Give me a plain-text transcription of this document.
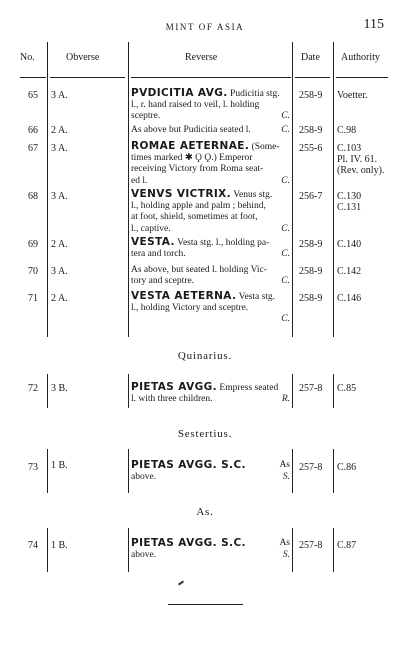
MINT OF ASIA	115
No.	Obverse	Reverse	Date Authority
65 3 A.	PVDICITIA AVG. Pudicitia stg.
l., r. hand raised to veil, l. holding
sceptre.	C.
258-9 Voetter.
66 2 A.	As above but Pudicitia seated l.	C. 258-9 C.98
67 3 A.	ROMAE AETERNAE. (Some-
times marked ✱ Ϙ Ϙ.) Emperor
receiving Victory from Roma seat-
ed l.	C.
255-6 C.103
Pl. IV. 61.
(Rev. only).
68 3 A.	VENVS VICTRIX. Venus stg.
l., holding apple and palm ; behind,
at foot, shield, sometimes at foot,
l., captive.	C.
256-7 C.130
C.131
69 2 A.	VESTA. Vesta stg. l., holding pa-
tera and torch.	C.
258-9 C.140
70 3 A.	As above, but seated l. holding Vic-
tory and sceptre.	C.
258-9 C.142
71 2 A.	VESTA AETERNA. Vesta stg.
l., holding Victory and sceptre.
C.

258-9 C.146
Quinarius.
72 3 B.	PIETAS AVGG. Empress seated
l. with three children.	R.
257-8 C.85
Sestertius.
73 1 B.	PIETAS AVGG. S.C.	As
above.	S.
257-8 C.86
As.
74 1 B.	PIETAS AVGG. S.C.	As
above.	S.
257-8 C.87
